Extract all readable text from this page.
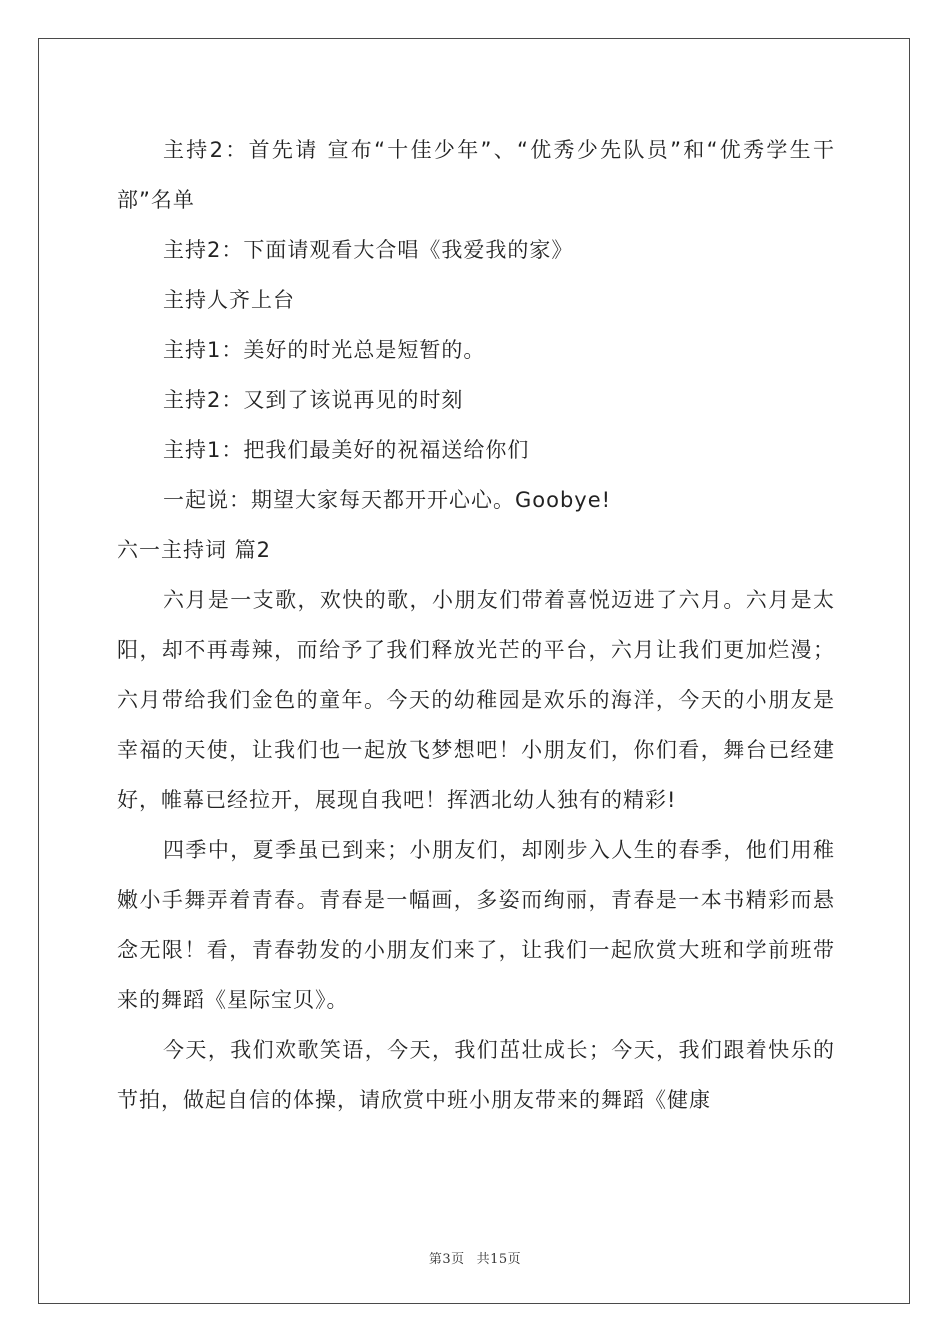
主持2：首先请 宣布“十佳少年”、“优秀少先队员”和“优秀学生干部”名单

主持2：下面请观看大合唱《我爱我的家》

主持人齐上台

主持1：美好的时光总是短暂的。

主持2：又到了该说再见的时刻

主持1：把我们最美好的祝福送给你们

一起说：期望大家每天都开开心心。Goobye!

六一主持词 篇2

六月是一支歌，欢快的歌，小朋友们带着喜悦迈进了六月。六月是太阳，却不再毒辣，而给予了我们释放光芒的平台，六月让我们更加烂漫；六月带给我们金色的童年。今天的幼稚园是欢乐的海洋，今天的小朋友是幸福的天使，让我们也一起放飞梦想吧！小朋友们，你们看，舞台已经建好，帷幕已经拉开，展现自我吧！挥洒北幼人独有的精彩!

四季中，夏季虽已到来；小朋友们，却刚步入人生的春季，他们用稚嫩小手舞弄着青春。青春是一幅画，多姿而绚丽，青春是一本书精彩而悬念无限！看，青春勃发的小朋友们来了，让我们一起欣赏大班和学前班带来的舞蹈《星际宝贝》。

今天，我们欢歌笑语，今天，我们茁壮成长；今天，我们跟着快乐的节拍，做起自信的体操，请欣赏中班小朋友带来的舞蹈《健康

第3页 共15页
